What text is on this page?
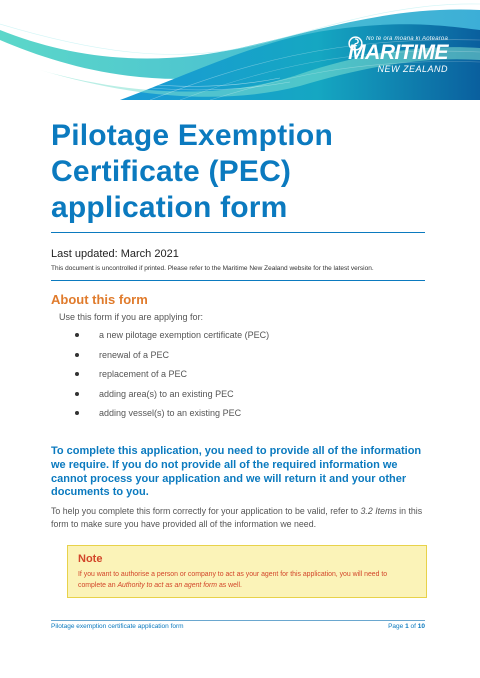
Nō te ora moana ki Aotearoa
MARITIME
NEW ZEALAND
Pilotage Exemption
Certificate (PEC)
application form
Last updated: March 2021
This document is uncontrolled if printed. Please refer to the Maritime New Zealand website for the latest version.
About this form
Use this form if you are applying for:
a new pilotage exemption certificate (PEC)
renewal of a PEC
replacement of a PEC
adding area(s) to an existing PEC
adding vessel(s) to an existing PEC

To complete this application, you need to provide all of the information we require. If you do not provide all of the required information we cannot process your application and we will return it and your other documents to you.

To help you complete this form correctly for your application to be valid, refer to 3.2 Items in this form to make sure you have provided all of the information we need.

Note
If you want to authorise a person or company to act as your agent for this application, you will need to complete an Authority to act as an agent form as well.
Pilotage exemption certificate application form	Page 1 of 10
